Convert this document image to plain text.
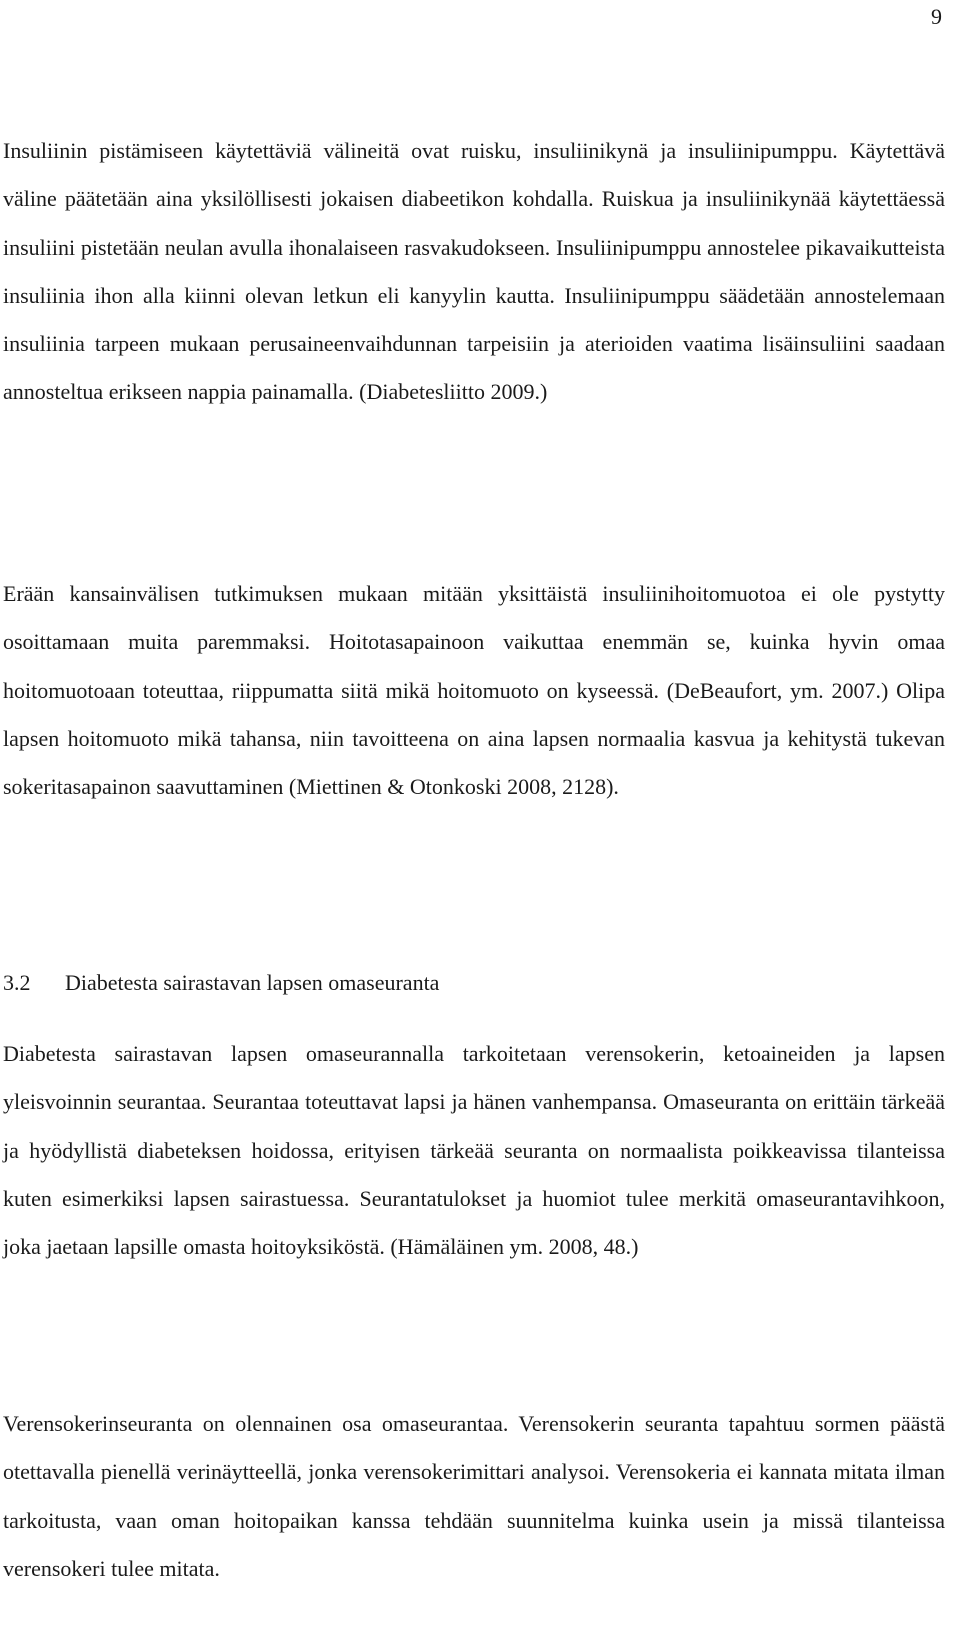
9

Insuliinin pistämiseen käytettäviä välineitä ovat ruisku, insuliinikynä ja insuliinipumppu. Käytettävä väline päätetään aina yksilöllisesti jokaisen diabeetikon kohdalla. Ruiskua ja insuliinikynää käytettäessä insuliini pistetään neulan avulla ihonalaiseen rasvakudokseen. Insuliinipumppu annostelee pikavaikutteista insuliinia ihon alla kiinni olevan letkun eli kanyylin kautta. Insuliinipumppu säädetään annostelemaan insuliinia tarpeen mukaan perusaineenvaihdunnan tarpeisiin ja aterioiden vaatima lisäinsuliini saadaan annosteltua erikseen nappia painamalla. (Diabetesliitto 2009.)

Erään kansainvälisen tutkimuksen mukaan mitään yksittäistä insuliinihoitomuotoa ei ole pystytty osoittamaan muita paremmaksi. Hoitotasapainoon vaikuttaa enemmän se, kuinka hyvin omaa hoitomuotoaan toteuttaa, riippumatta siitä mikä hoitomuoto on kyseessä. (DeBeaufort, ym. 2007.) Olipa lapsen hoitomuoto mikä tahansa, niin tavoitteena on aina lapsen normaalia kasvua ja kehitystä tukevan sokeritasapainon saavuttaminen (Miettinen & Otonkoski 2008, 2128).

3.2 Diabetesta sairastavan lapsen omaseuranta

Diabetesta sairastavan lapsen omaseurannalla tarkoitetaan verensokerin, ketoaineiden ja lapsen yleisvoinnin seurantaa. Seurantaa toteuttavat lapsi ja hänen vanhempansa. Omaseuranta on erittäin tärkeää ja hyödyllistä diabeteksen hoidossa, erityisen tärkeää seuranta on normaalista poikkeavissa tilanteissa kuten esimerkiksi lapsen sairastuessa. Seurantatulokset ja huomiot tulee merkitä omaseurantavihkoon, joka jaetaan lapsille omasta hoitoyksiköstä. (Hämäläinen ym. 2008, 48.)

Verensokerinseuranta on olennainen osa omaseurantaa. Verensokerin seuranta tapahtuu sormen päästä otettavalla pienellä verinäytteellä, jonka verensokerimittari analysoi. Verensokeria ei kannata mitata ilman tarkoitusta, vaan oman hoitopaikan kanssa tehdään suunnitelma kuinka usein ja missä tilanteissa verensokeri tulee mitata.
